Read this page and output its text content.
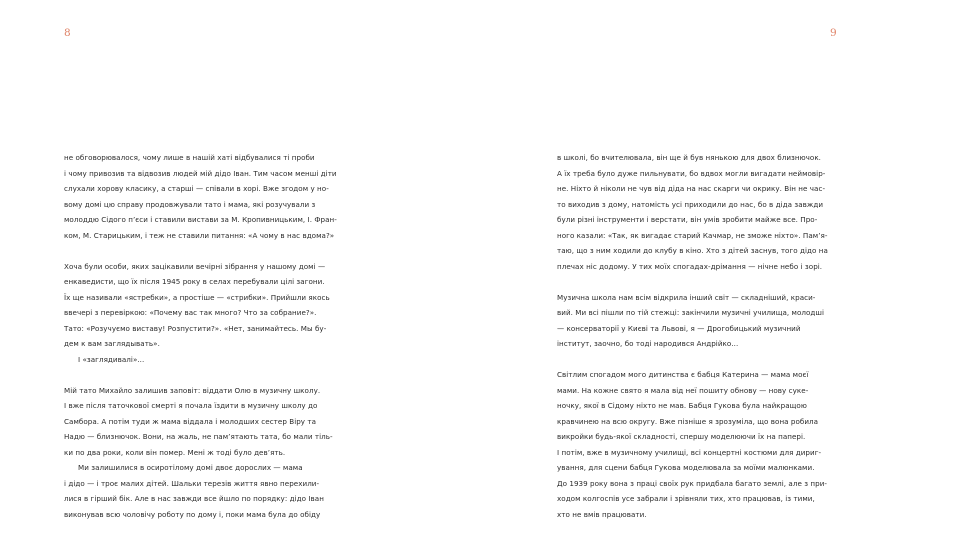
8	9
не обговорювалося, чому лише в нашій хаті відбувалися ті проби
і чому привозив та відвозив людей мій дідо Іван. Тим часом менші діти
слухали хорову класику, а старші — співали в хорі. Вже згодом у но-
вому домі цю справу продовжували тато і мама, які розучували з
молоддю Сідого п’єси і ставили вистави за М. Кропивницьким, І. Фран-
ком, М. Старицьким, і теж не ставили питання: «А чому в нас вдома?»
Хоча були особи, яких зацікавили вечірні зібрання у нашому домі —
енкаведисти, що їх після 1945 року в селах перебували цілі загони.
Їх ще називали «ястребки», а простіше — «стрибки». Прийшли якось
ввечері з перевіркою: «Почему вас так много? Что за собрание?».
Тато: «Розучуємо виставу! Розпустити?». «Нет, занимайтесь. Мы бу-
дем к вам заглядывать».
І «заглядивалі»...
Мій тато Михайло залишив заповіт: віддати Олю в музичну школу.
І вже після таточкової смерті я почала їздити в музичну школу до
Самбора. А потім туди ж мама віддала і молодших сестер Віру та
Надю — близнючок. Вони, на жаль, не пам’ятають тата, бо мали тіль-
ки по два роки, коли він помер. Мені ж тоді було дев’ять.
Ми залишилися в осиротілому домі двоє дорослих — мама
і дідо — і троє малих дітей. Шальки терезів життя явно перехили-
лися в гірший бік. Але в нас завжди все йшло по порядку: дідо Іван
виконував всю чоловічу роботу по дому і, поки мама була до обіду
в школі, бо вчителювала, він ще й був нянькою для двох близнючок.
А їх треба було дуже пильнувати, бо вдвох могли вигадати неймовір-
не. Ніхто й ніколи не чув від діда на нас скарги чи окрику. Він не час-
то виходив з дому, натомість усі приходили до нас, бо в діда завжди
були різні інструменти і верстати, він умів зробити майже все. Про-
ного казали: «Так, як вигадає старий Качмар, не зможе ніхто». Пам’я-
таю, що з ним ходили до клубу в кіно. Хто з дітей заснув, того дідо на
плечах ніс додому. У тих моїх спогадах-дрімання — нічне небо і зорі.
Музична школа нам всім відкрила інший світ — складніший, краси-
вий. Ми всі пішли по тій стежці: закінчили музичні училища, молодші
— консерваторії у Києві та Львові, я — Дрогобицький музичний
інститут, заочно, бо тоді народився Андрійко...
Світлим спогадом мого дитинства є бабця Катерина — мама моєї
мами. На кожне свято я мала від неї пошиту обнову — нову суке-
ночку, якої в Сідому ніхто не мав. Бабця Гукова була найкращою
кравчинею на всю округу. Вже пізніше я зрозуміла, що вона робила
викройки будь-якої складності, спершу моделюючи їх на папері.
І потім, вже в музичному училищі, всі концертні костюми для дириг-
ування, для сцени бабця Гукова моделювала за моїми малюнками.
До 1939 року вона з праці своїх рук придбала багато землі, але з при-
ходом колгоспів усе забрали і зрівняли тих, хто працював, із тими,
хто не вмів працювати.
